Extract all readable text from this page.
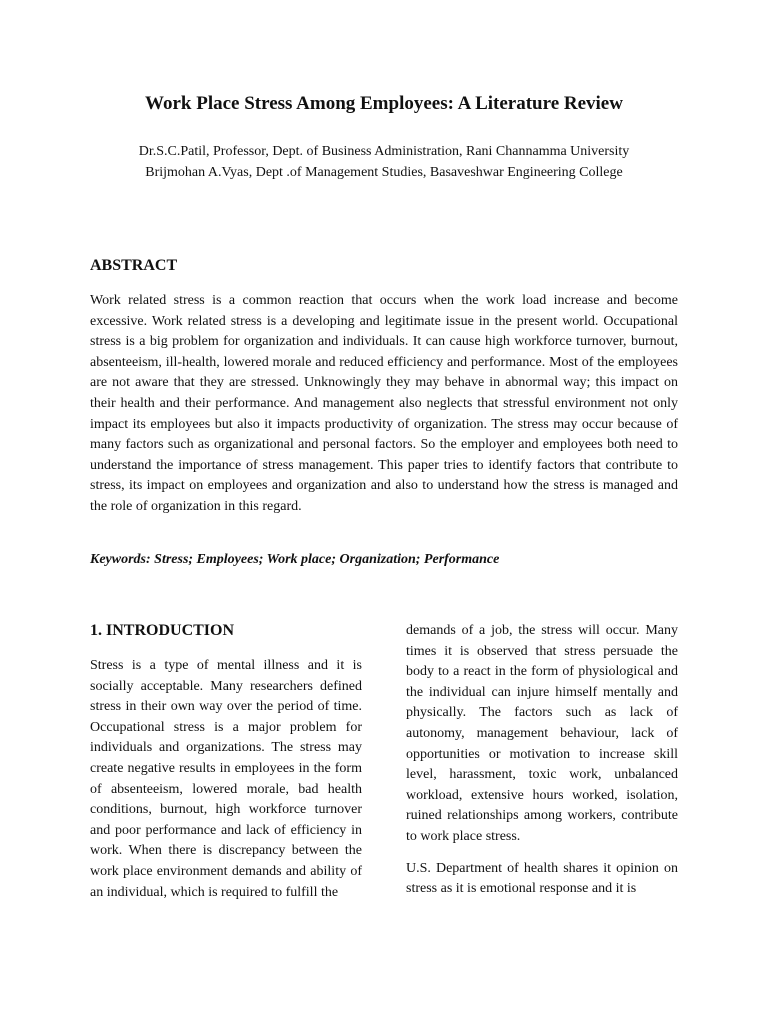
Work Place Stress Among Employees: A Literature Review
Dr.S.C.Patil, Professor, Dept. of Business Administration, Rani Channamma University
Brijmohan A.Vyas, Dept .of Management Studies, Basaveshwar Engineering College
ABSTRACT

Work related stress is a common reaction that occurs when the work load increase and become excessive. Work related stress is a developing and legitimate issue in the present world. Occupational stress is a big problem for organization and individuals. It can cause high workforce turnover, burnout, absenteeism, ill-health, lowered morale and reduced efficiency and performance. Most of the employees are not aware that they are stressed. Unknowingly they may behave in abnormal way; this impact on their health and their performance. And management also neglects that stressful environment not only impact its employees but also it impacts productivity of organization. The stress may occur because of many factors such as organizational and personal factors. So the employer and employees both need to understand the importance of stress management. This paper tries to identify factors that contribute to stress, its impact on employees and organization and also to understand how the stress is managed and the role of organization in this regard.

Keywords: Stress; Employees; Work place; Organization; Performance

1. INTRODUCTION

Stress is a type of mental illness and it is socially acceptable. Many researchers defined stress in their own way over the period of time. Occupational stress is a major problem for individuals and organizations. The stress may create negative results in employees in the form of absenteeism, lowered morale, bad health conditions, burnout, high workforce turnover and poor performance and lack of efficiency in work. When there is discrepancy between the work place environment demands and ability of an individual, which is required to fulfill the

demands of a job, the stress will occur. Many times it is observed that stress persuade the body to a react in the form of physiological and the individual can injure himself mentally and physically. The factors such as lack of autonomy, management behaviour, lack of opportunities or motivation to increase skill level, harassment, toxic work, unbalanced workload, extensive hours worked, isolation, ruined relationships among workers, contribute to work place stress.

U.S. Department of health shares it opinion on stress as it is emotional response and it is
